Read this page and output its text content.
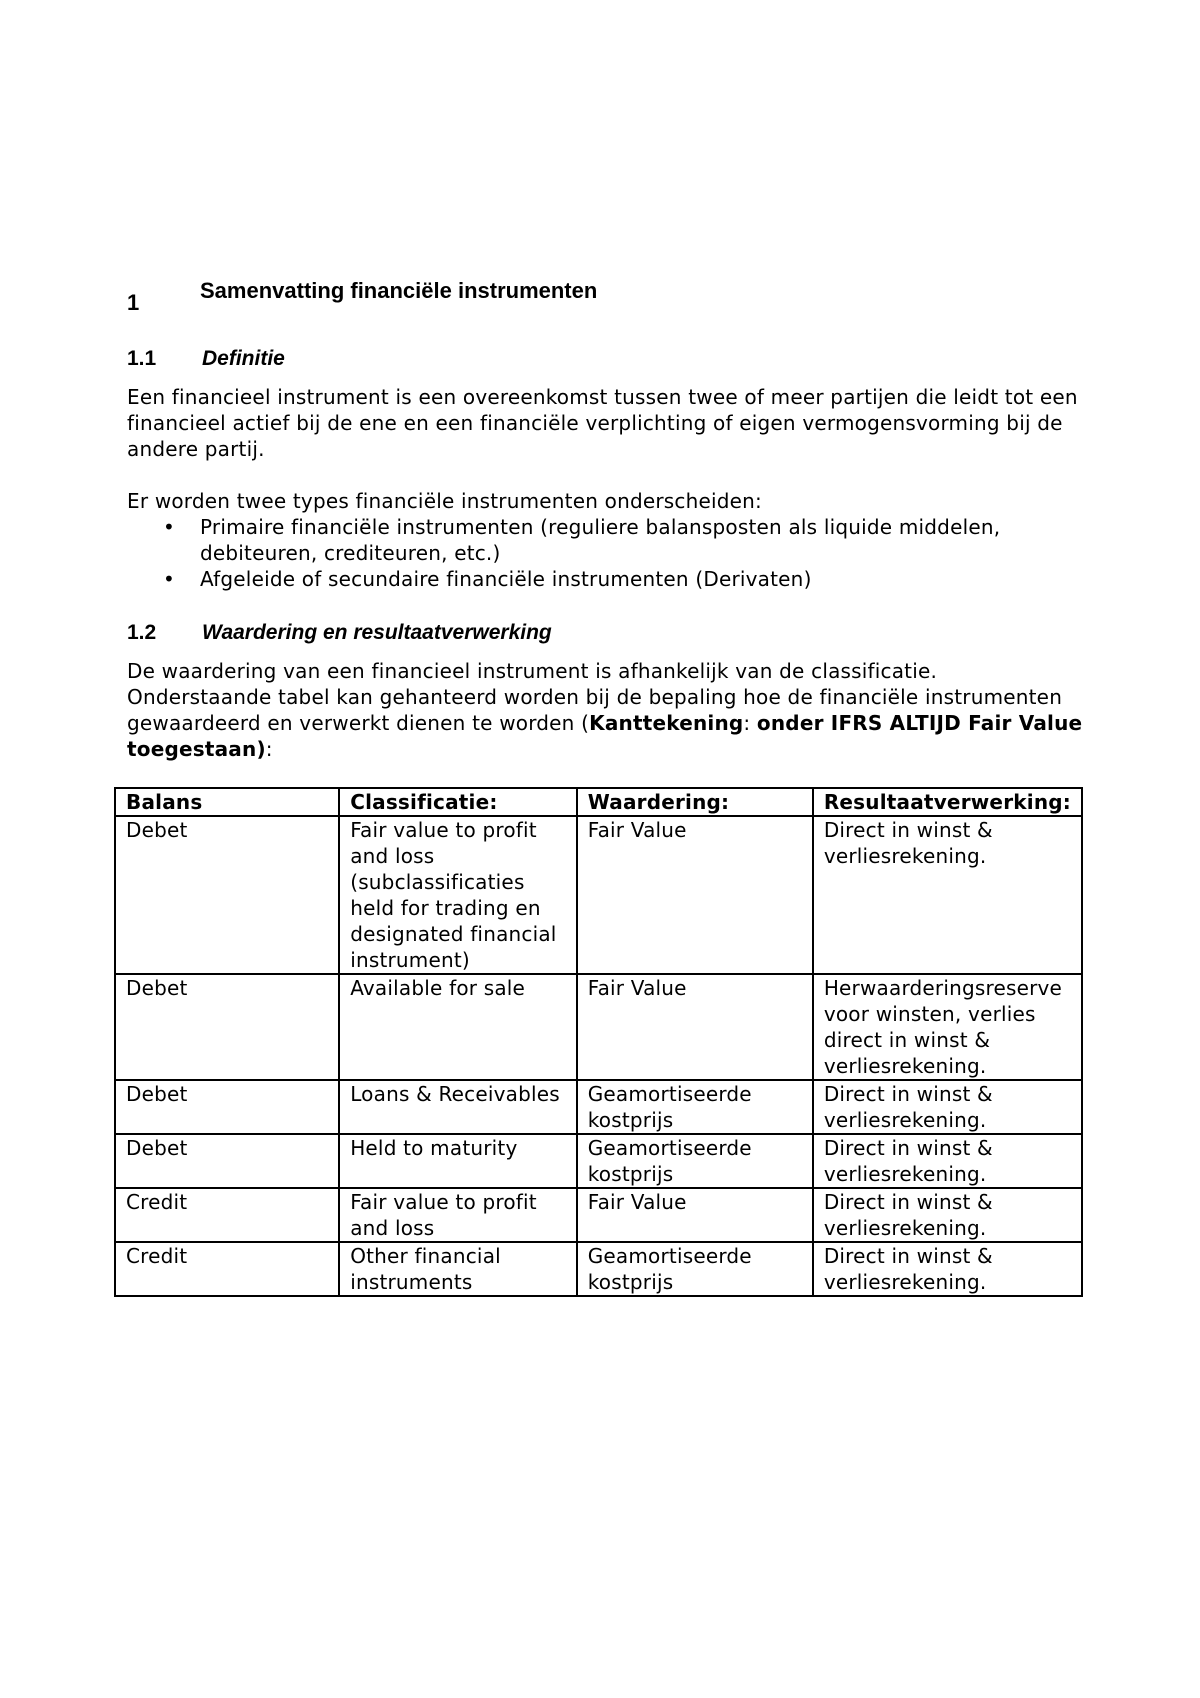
1	Samenvatting financiële instrumenten
1.1 Definitie

Een financieel instrument is een overeenkomst tussen twee of meer partijen die leidt tot een financieel actief bij de ene en een financiële verplichting of eigen vermogensvorming bij de andere partij.

Er worden twee types financiële instrumenten onderscheiden:

• Primaire financiële instrumenten (reguliere balansposten als liquide middelen, debiteuren, crediteuren, etc.)
• Afgeleide of secundaire financiële instrumenten (Derivaten)
1.2 Waardering en resultaatverwerking

De waardering van een financieel instrument is afhankelijk van de classificatie. Onderstaande tabel kan gehanteerd worden bij de bepaling hoe de financiële instrumenten gewaardeerd en verwerkt dienen te worden (Kanttekening: onder IFRS ALTIJD Fair Value toegestaan):

Balans	Classificatie:	Waardering:	Resultaatverwerking:
Debet	Fair value to profit and loss (subclassificaties held for trading en designated financial instrument)	Fair Value	Direct in winst & verliesrekening.
Debet	Available for sale	Fair Value	Herwaarderingsreserve voor winsten, verlies direct in winst & verliesrekening.
Debet	Loans & Receivables	Geamortiseerde kostprijs	Direct in winst & verliesrekening.
Debet	Held to maturity	Geamortiseerde kostprijs	Direct in winst & verliesrekening.
Credit	Fair value to profit and loss	Fair Value	Direct in winst & verliesrekening.
Credit	Other financial instruments	Geamortiseerde kostprijs	Direct in winst & verliesrekening.
